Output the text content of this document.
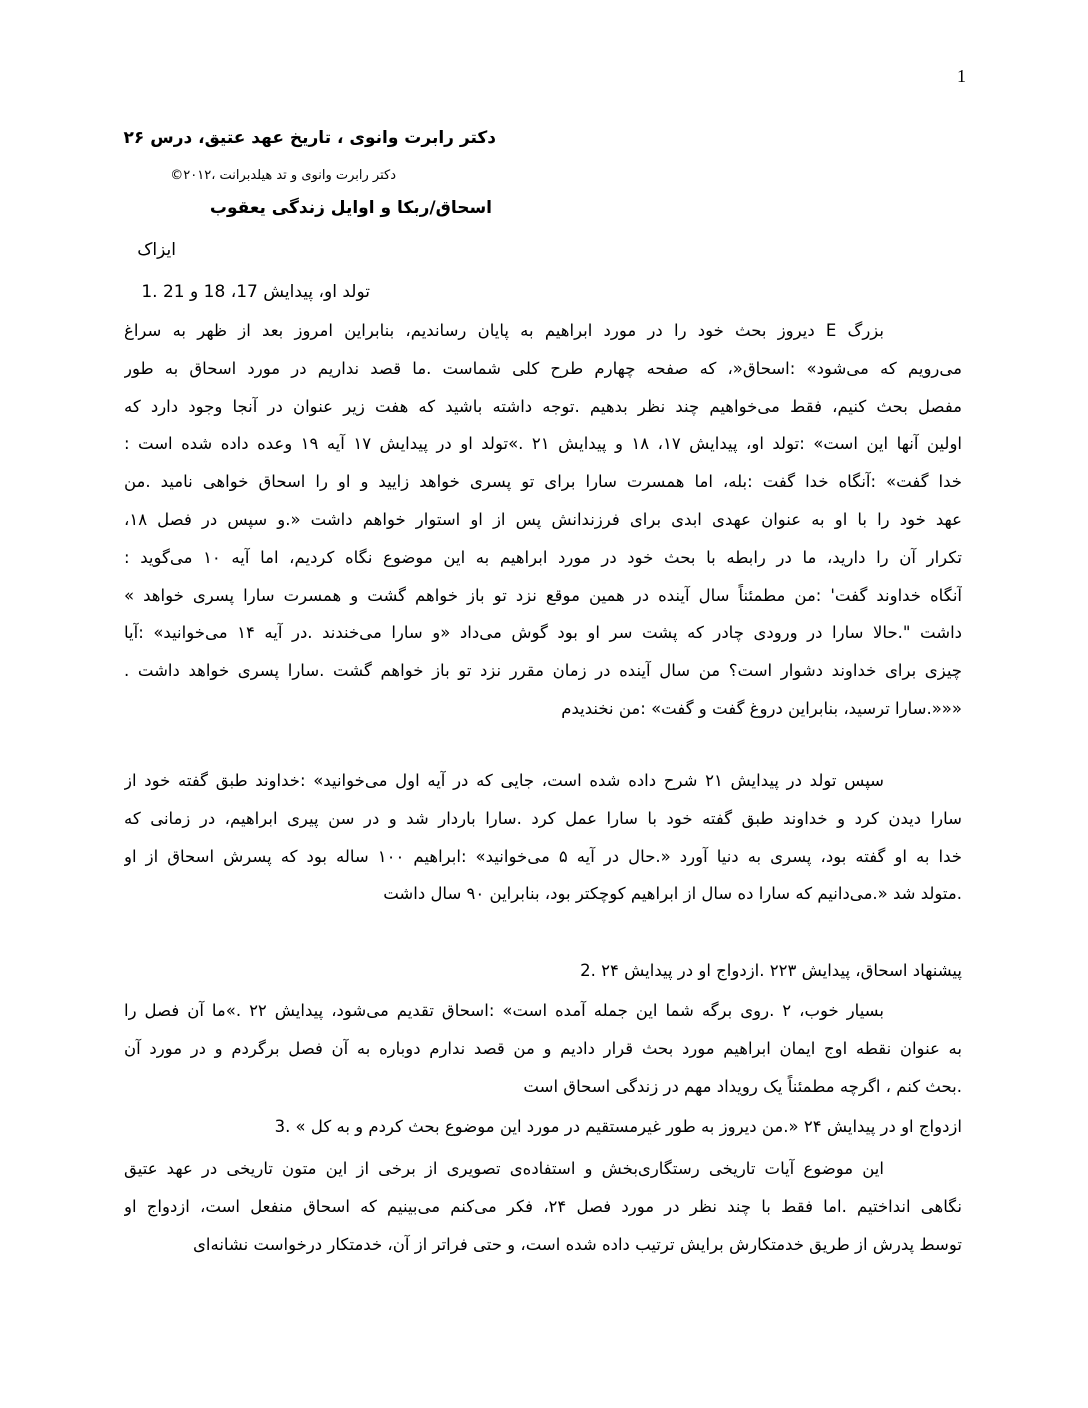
1
دکتر رابرت وانوی ، تاریخ عهد عتیق، درس ۲۶
دکتر رابرت وانوی و تد هیلدبرانت ،۲۰۱۲©
اسحاق/ربکا و اوایل زندگی یعقوب
ایزاک
تولد او، پیدایش 17، 18 و 21 .1
بزرگ E دیروز بحث خود را در مورد ابراهیم به پایان رساندیم، بنابراین امروز بعد از ظهر به سراغ
می‌رویم که می‌شود» :اسحاق«، که صفحه چهارم طرح کلی شماست .ما قصد نداریم در مورد اسحاق به طور
مفصل بحث کنیم، فقط می‌خواهیم چند نظر بدهیم .توجه داشته باشید که هفت زیر عنوان در آنجا وجود دارد که
اولین آنها این است» :تولد او، پیدایش ۱۷، ۱۸ و پیدایش ۲۱ .»تولد او در پیدایش ۱۷ آیه ۱۹ وعده داده شده است :
خدا گفت» :آنگاه خدا گفت :بله، اما همسرت سارا برای تو پسری خواهد زایید و او را اسحاق خواهی نامید .من
عهد خود را با او به عنوان عهدی ابدی برای فرزندانش پس از او استوار خواهم داشت «.و سپس در فصل ۱۸،
تکرار آن را دارید، ما در رابطه با بحث خود در مورد ابراهیم به این موضوع نگاه کردیم، اما آیه ۱۰ می‌گوید :
آنگاه خداوند گفت' :من مطمئناً سال آینده در همین موقع نزد تو باز خواهم گشت و همسرت سارا پسری خواهد »
داشت ".حالا سارا در ورودی چادر که پشت سر او بود گوش می‌داد «و سارا می‌خندند .در آیه ۱۴ می‌خوانید» :آیا
چیزی برای خداوند دشوار است؟ من سال آینده در زمان مقرر نزد تو باز خواهم گشت .سارا پسری خواهد داشت .
«««.سارا ترسید، بنابراین دروغ گفت و گفت» :من نخندیدم
سپس تولد در پیدایش ۲۱ شرح داده شده است، جایی که در آیه اول می‌خوانید» :خداوند طبق گفته خود از
سارا دیدن کرد و خداوند طبق گفته خود با سارا عمل کرد .سارا باردار شد و در سن پیری ابراهیم، در زمانی که
خدا به او گفته بود، پسری به دنیا آورد «.حال در آیه ۵ می‌خوانید» :ابراهیم ۱۰۰ ساله بود که پسرش اسحاق از او
.متولد شد «.می‌دانیم که سارا ده سال از ابراهیم کوچکتر بود، بنابراین ۹۰ سال داشت
پیشنهاد اسحاق، پیدایش ۲۲۳ .ازدواج او در پیدایش ۲۴ .2
بسیار خوب، ۲ .روی برگه شما این جمله آمده است» :اسحاق تقدیم می‌شود، پیدایش ۲۲ .»ما آن فصل را
به عنوان نقطه اوج ایمان ابراهیم مورد بحث قرار دادیم و من قصد ندارم دوباره به آن فصل برگردم و در مورد آن
.بحث کنم ، اگرچه مطمئناً یک رویداد مهم در زندگی اسحاق است
ازدواج او در پیدایش ۲۴ «.من دیروز به طور غیرمستقیم در مورد این موضوع بحث کردم و به کل » .3
این موضوع آیات تاریخی رستگاری‌بخش و استفاده‌ی تصویری از برخی از این متون تاریخی در عهد عتیق
نگاهی انداختیم .اما فقط با چند نظر در مورد فصل ۲۴، فکر می‌کنم می‌بینیم که اسحاق منفعل است، ازدواج او
توسط پدرش از طریق خدمتکارش برایش ترتیب داده شده است، و حتی فراتر از آن، خدمتکار درخواست نشانه‌ای
